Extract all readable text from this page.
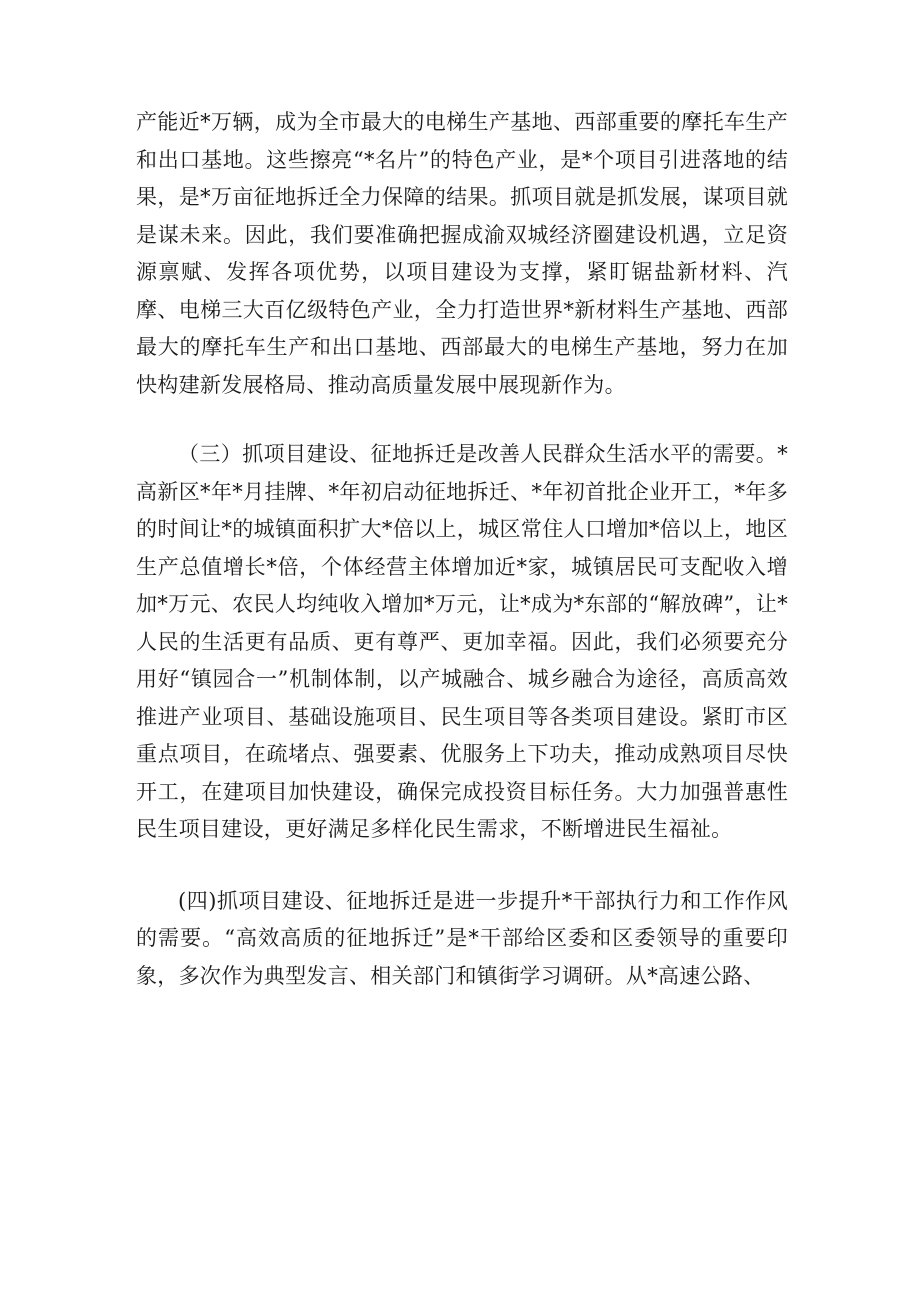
产能近*万辆，成为全市最大的电梯生产基地、西部重要的摩托车生产和出口基地。这些擦亮“*名片”的特色产业，是*个项目引进落地的结果，是*万亩征地拆迁全力保障的结果。抓项目就是抓发展，谋项目就是谋未来。因此，我们要准确把握成渝双城经济圈建设机遇，立足资源禀赋、发挥各项优势，以项目建设为支撑，紧盯锯盐新材料、汽摩、电梯三大百亿级特色产业，全力打造世界*新材料生产基地、西部最大的摩托车生产和出口基地、西部最大的电梯生产基地，努力在加快构建新发展格局、推动高质量发展中展现新作为。

（三）抓项目建设、征地拆迁是改善人民群众生活水平的需要。*高新区*年*月挂牌、*年初启动征地拆迁、*年初首批企业开工，*年多的时间让*的城镇面积扩大*倍以上，城区常住人口增加*倍以上，地区生产总值增长*倍，个体经营主体增加近*家，城镇居民可支配收入增加*万元、农民人均纯收入增加*万元，让*成为*东部的“解放碑”，让*人民的生活更有品质、更有尊严、更加幸福。因此，我们必须要充分用好“镇园合一”机制体制，以产城融合、城乡融合为途径，高质高效推进产业项目、基础设施项目、民生项目等各类项目建设。紧盯市区重点项目，在疏堵点、强要素、优服务上下功夫，推动成熟项目尽快开工，在建项目加快建设，确保完成投资目标任务。大力加强普惠性民生项目建设，更好满足多样化民生需求，不断增进民生福祉。

(四)抓项目建设、征地拆迁是进一步提升*干部执行力和工作作风的需要。“高效高质的征地拆迁”是*干部给区委和区委领导的重要印象，多次作为典型发言、相关部门和镇街学习调研。从*高速公路、
